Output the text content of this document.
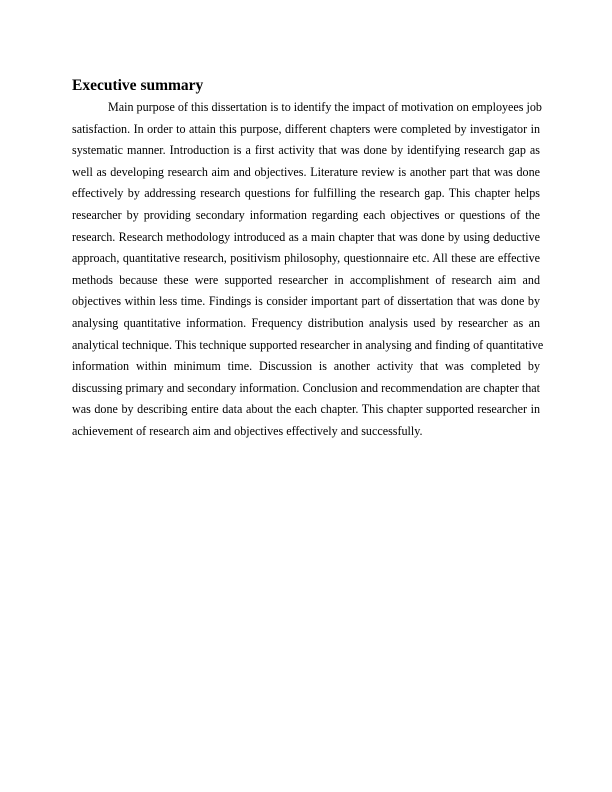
Executive summary
Main purpose of this dissertation is to identify the impact of motivation on employees job
satisfaction. In order to attain this purpose, different chapters were completed by investigator in
systematic manner. Introduction is a first activity that was done by identifying research gap as
well as developing research aim and objectives. Literature review is another part that was done
effectively by addressing research questions for fulfilling the research gap. This chapter helps
researcher by providing secondary information regarding each objectives or questions of the
research. Research methodology introduced as a main chapter that was done by using deductive
approach, quantitative research, positivism philosophy, questionnaire etc. All these are effective
methods because these were supported researcher in accomplishment of research aim and
objectives within less time. Findings is consider important part of dissertation that was done by
analysing quantitative information. Frequency distribution analysis used by researcher as an
analytical technique. This technique supported researcher in analysing and finding of quantitative
information within minimum time. Discussion is another activity that was completed by
discussing primary and secondary information. Conclusion and recommendation are chapter that
was done by describing entire data about the each chapter. This chapter supported researcher in
achievement of research aim and objectives effectively and successfully.
